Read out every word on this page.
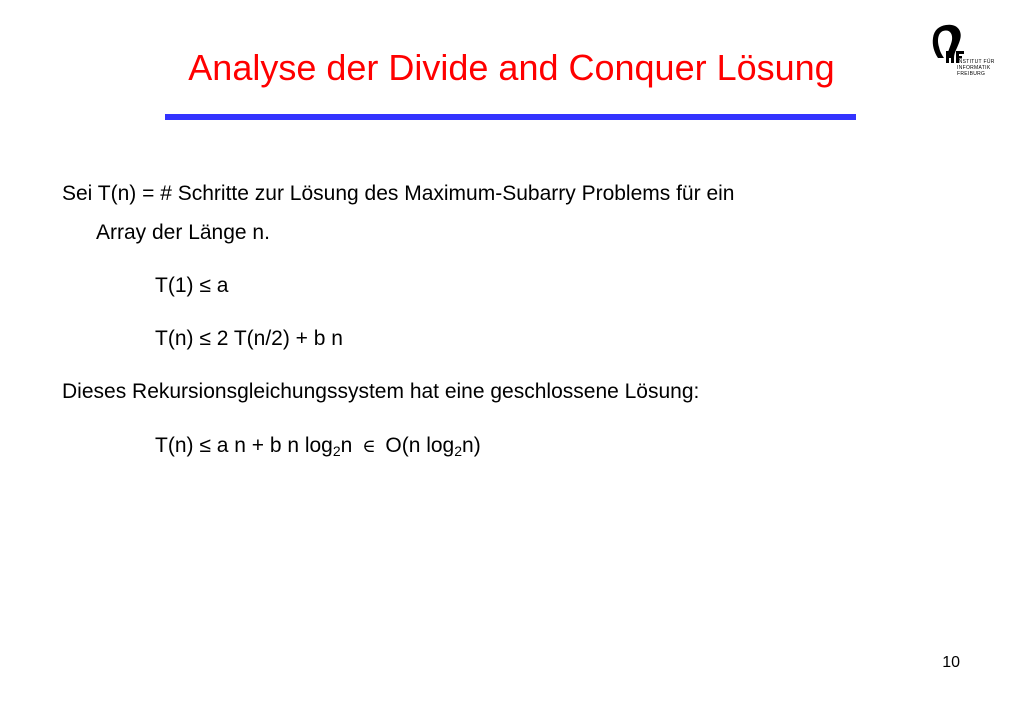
Analyse der Divide and Conquer Lösung	INSTITUT FÜR
INFORMATIK
FREIBURG
Sei T(n) = # Schritte zur Lösung des Maximum-Subarry Problems für ein
Array der Länge n.
T(1) ≤ a
T(n) ≤ 2 T(n/2) + b n
Dieses Rekursionsgleichungssystem hat eine geschlossene Lösung:
T(n) ≤ a n + b n $\log_2n$ ∈ O(n $\log_2n$)
10
